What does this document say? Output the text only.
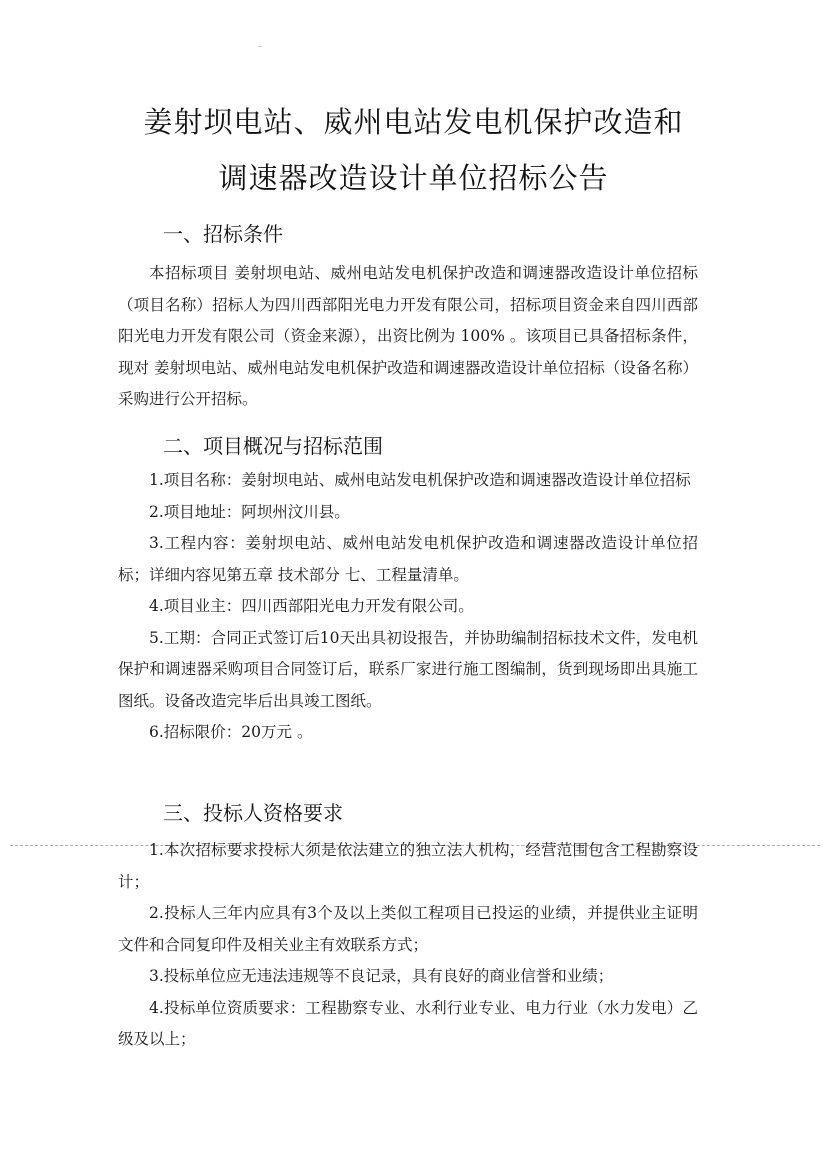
姜射坝电站、威州电站发电机保护改造和
调速器改造设计单位招标公告
一、招标条件

本招标项目 姜射坝电站、威州电站发电机保护改造和调速器改造设计单位招标（项目名称）招标人为四川西部阳光电力开发有限公司，招标项目资金来自四川西部阳光电力开发有限公司（资金来源），出资比例为 100% 。该项目已具备招标条件，现对 姜射坝电站、威州电站发电机保护改造和调速器改造设计单位招标（设备名称）采购进行公开招标。

二、项目概况与招标范围

1.项目名称：姜射坝电站、威州电站发电机保护改造和调速器改造设计单位招标

2.项目地址：阿坝州汶川县。

3.工程内容：姜射坝电站、威州电站发电机保护改造和调速器改造设计单位招标；详细内容见第五章 技术部分 七、工程量清单。

4.项目业主：四川西部阳光电力开发有限公司。

5.工期：合同正式签订后10天出具初设报告，并协助编制招标技术文件，发电机保护和调速器采购项目合同签订后，联系厂家进行施工图编制，货到现场即出具施工图纸。设备改造完毕后出具竣工图纸。

6.招标限价：20万元 。

三、投标人资格要求

1.本次招标要求投标人须是依法建立的独立法人机构，经营范围包含工程勘察设计；

2.投标人三年内应具有3个及以上类似工程项目已投运的业绩，并提供业主证明文件和合同复印件及相关业主有效联系方式；

3.投标单位应无违法违规等不良记录，具有良好的商业信誉和业绩；

4.投标单位资质要求：工程勘察专业、水利行业专业、电力行业（水力发电）乙级及以上；
